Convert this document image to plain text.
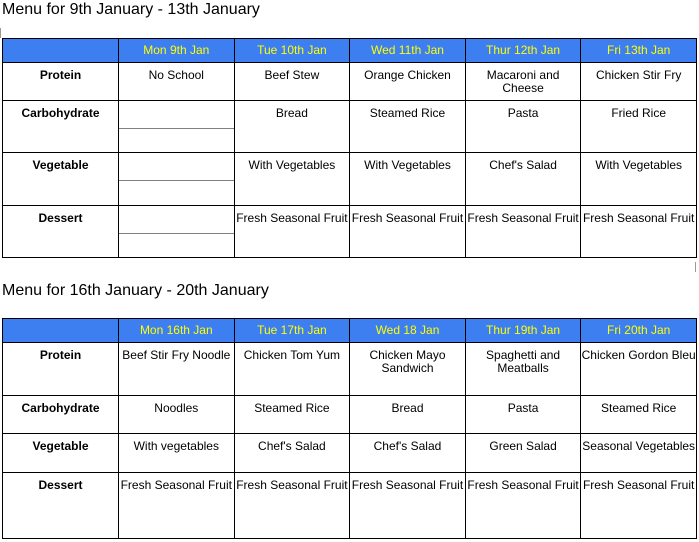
Menu for 9th January - 13th January
	Mon 9th Jan	Tue 10th Jan	Wed 11th Jan	Thur 12th Jan	Fri 13th Jan
Protein	No School	Beef Stew	Orange Chicken	Macaroni and Cheese	Chicken Stir Fry
Carbohydrate		Bread	Steamed Rice	Pasta	Fried Rice
Vegetable		With Vegetables	With Vegetables	Chef's Salad	With Vegetables
Dessert		Fresh Seasonal Fruit	Fresh Seasonal Fruit	Fresh Seasonal Fruit	Fresh Seasonal Fruit
Menu for 16th January - 20th January
	Mon 16th Jan	Tue 17th Jan	Wed 18 Jan	Thur 19th Jan	Fri 20th Jan
Protein	Beef Stir Fry Noodle	Chicken Tom Yum	Chicken Mayo Sandwich	Spaghetti and Meatballs	Chicken Gordon Bleu
Carbohydrate	Noodles	Steamed Rice	Bread	Pasta	Steamed Rice
Vegetable	With vegetables	Chef's Salad	Chef's Salad	Green Salad	Seasonal Vegetables
Dessert	Fresh Seasonal Fruit	Fresh Seasonal Fruit	Fresh Seasonal Fruit	Fresh Seasonal Fruit	Fresh Seasonal Fruit
